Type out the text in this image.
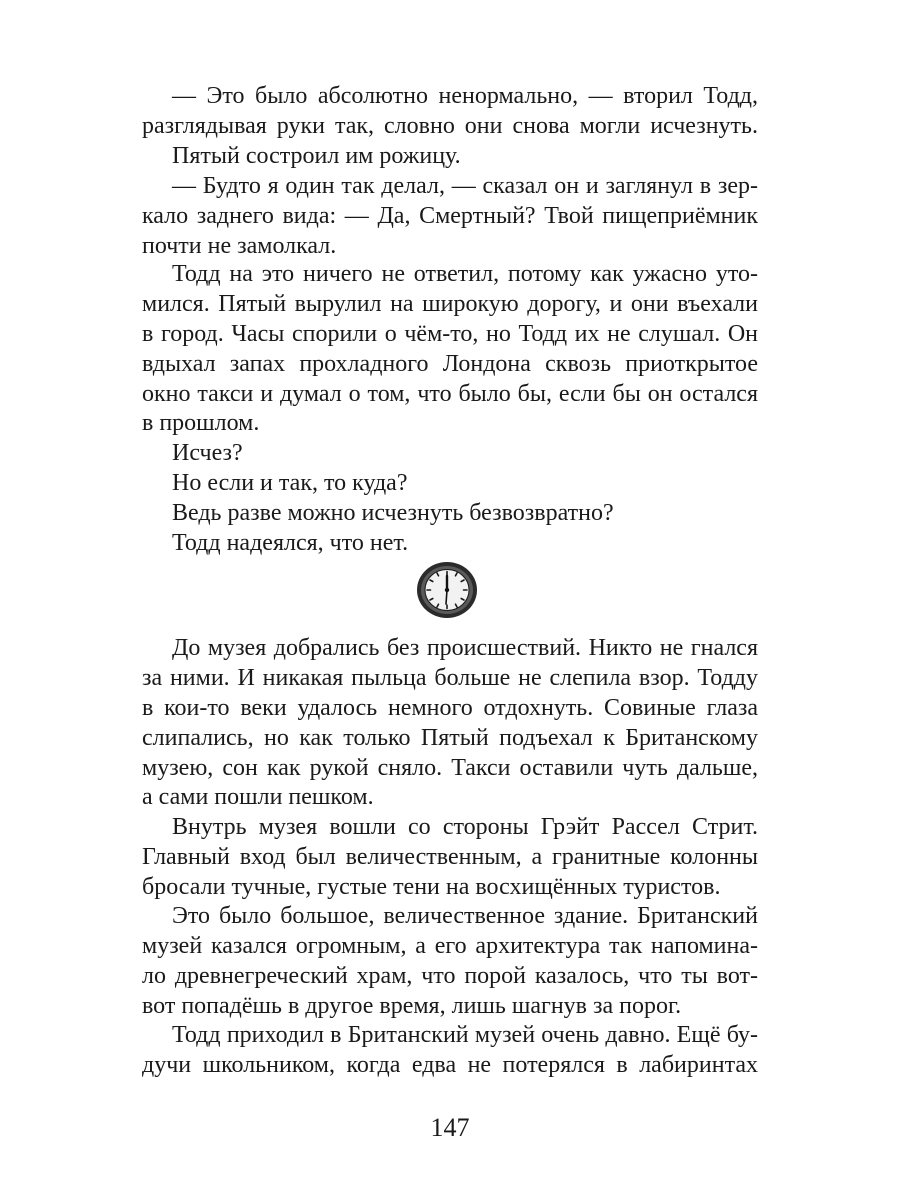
— Это было абсолютно ненормально, — вторил Тодд,
разглядывая руки так, словно они снова могли исчезнуть.
Пятый состроил им рожицу.
— Будто я один так делал, — сказал он и заглянул в зер-
кало заднего вида: — Да, Смертный? Твой пищеприёмник
почти не замолкал.
Тодд на это ничего не ответил, потому как ужасно уто-
мился. Пятый вырулил на широкую дорогу, и они въехали
в город. Часы спорили о чём-то, но Тодд их не слушал. Он
вдыхал запах прохладного Лондона сквозь приоткрытое
окно такси и думал о том, что было бы, если бы он остался
в прошлом.
Исчез?
Но если и так, то куда?
Ведь разве можно исчезнуть безвозвратно?
Тодд надеялся, что нет.
До музея добрались без происшествий. Никто не гнался
за ними. И никакая пыльца больше не слепила взор. Тодду
в кои-то веки удалось немного отдохнуть. Совиные глаза
слипались, но как только Пятый подъехал к Британскому
музею, сон как рукой сняло. Такси оставили чуть дальше,
а сами пошли пешком.
Внутрь музея вошли со стороны Грэйт Рассел Стрит.
Главный вход был величественным, а гранитные колонны
бросали тучные, густые тени на восхищённых туристов.
Это было большое, величественное здание. Британский
музей казался огромным, а его архитектура так напомина-
ло древнегреческий храм, что порой казалось, что ты вот-
вот попадёшь в другое время, лишь шагнув за порог.
Тодд приходил в Британский музей очень давно. Ещё бу-
дучи школьником, когда едва не потерялся в лабиринтах
147
